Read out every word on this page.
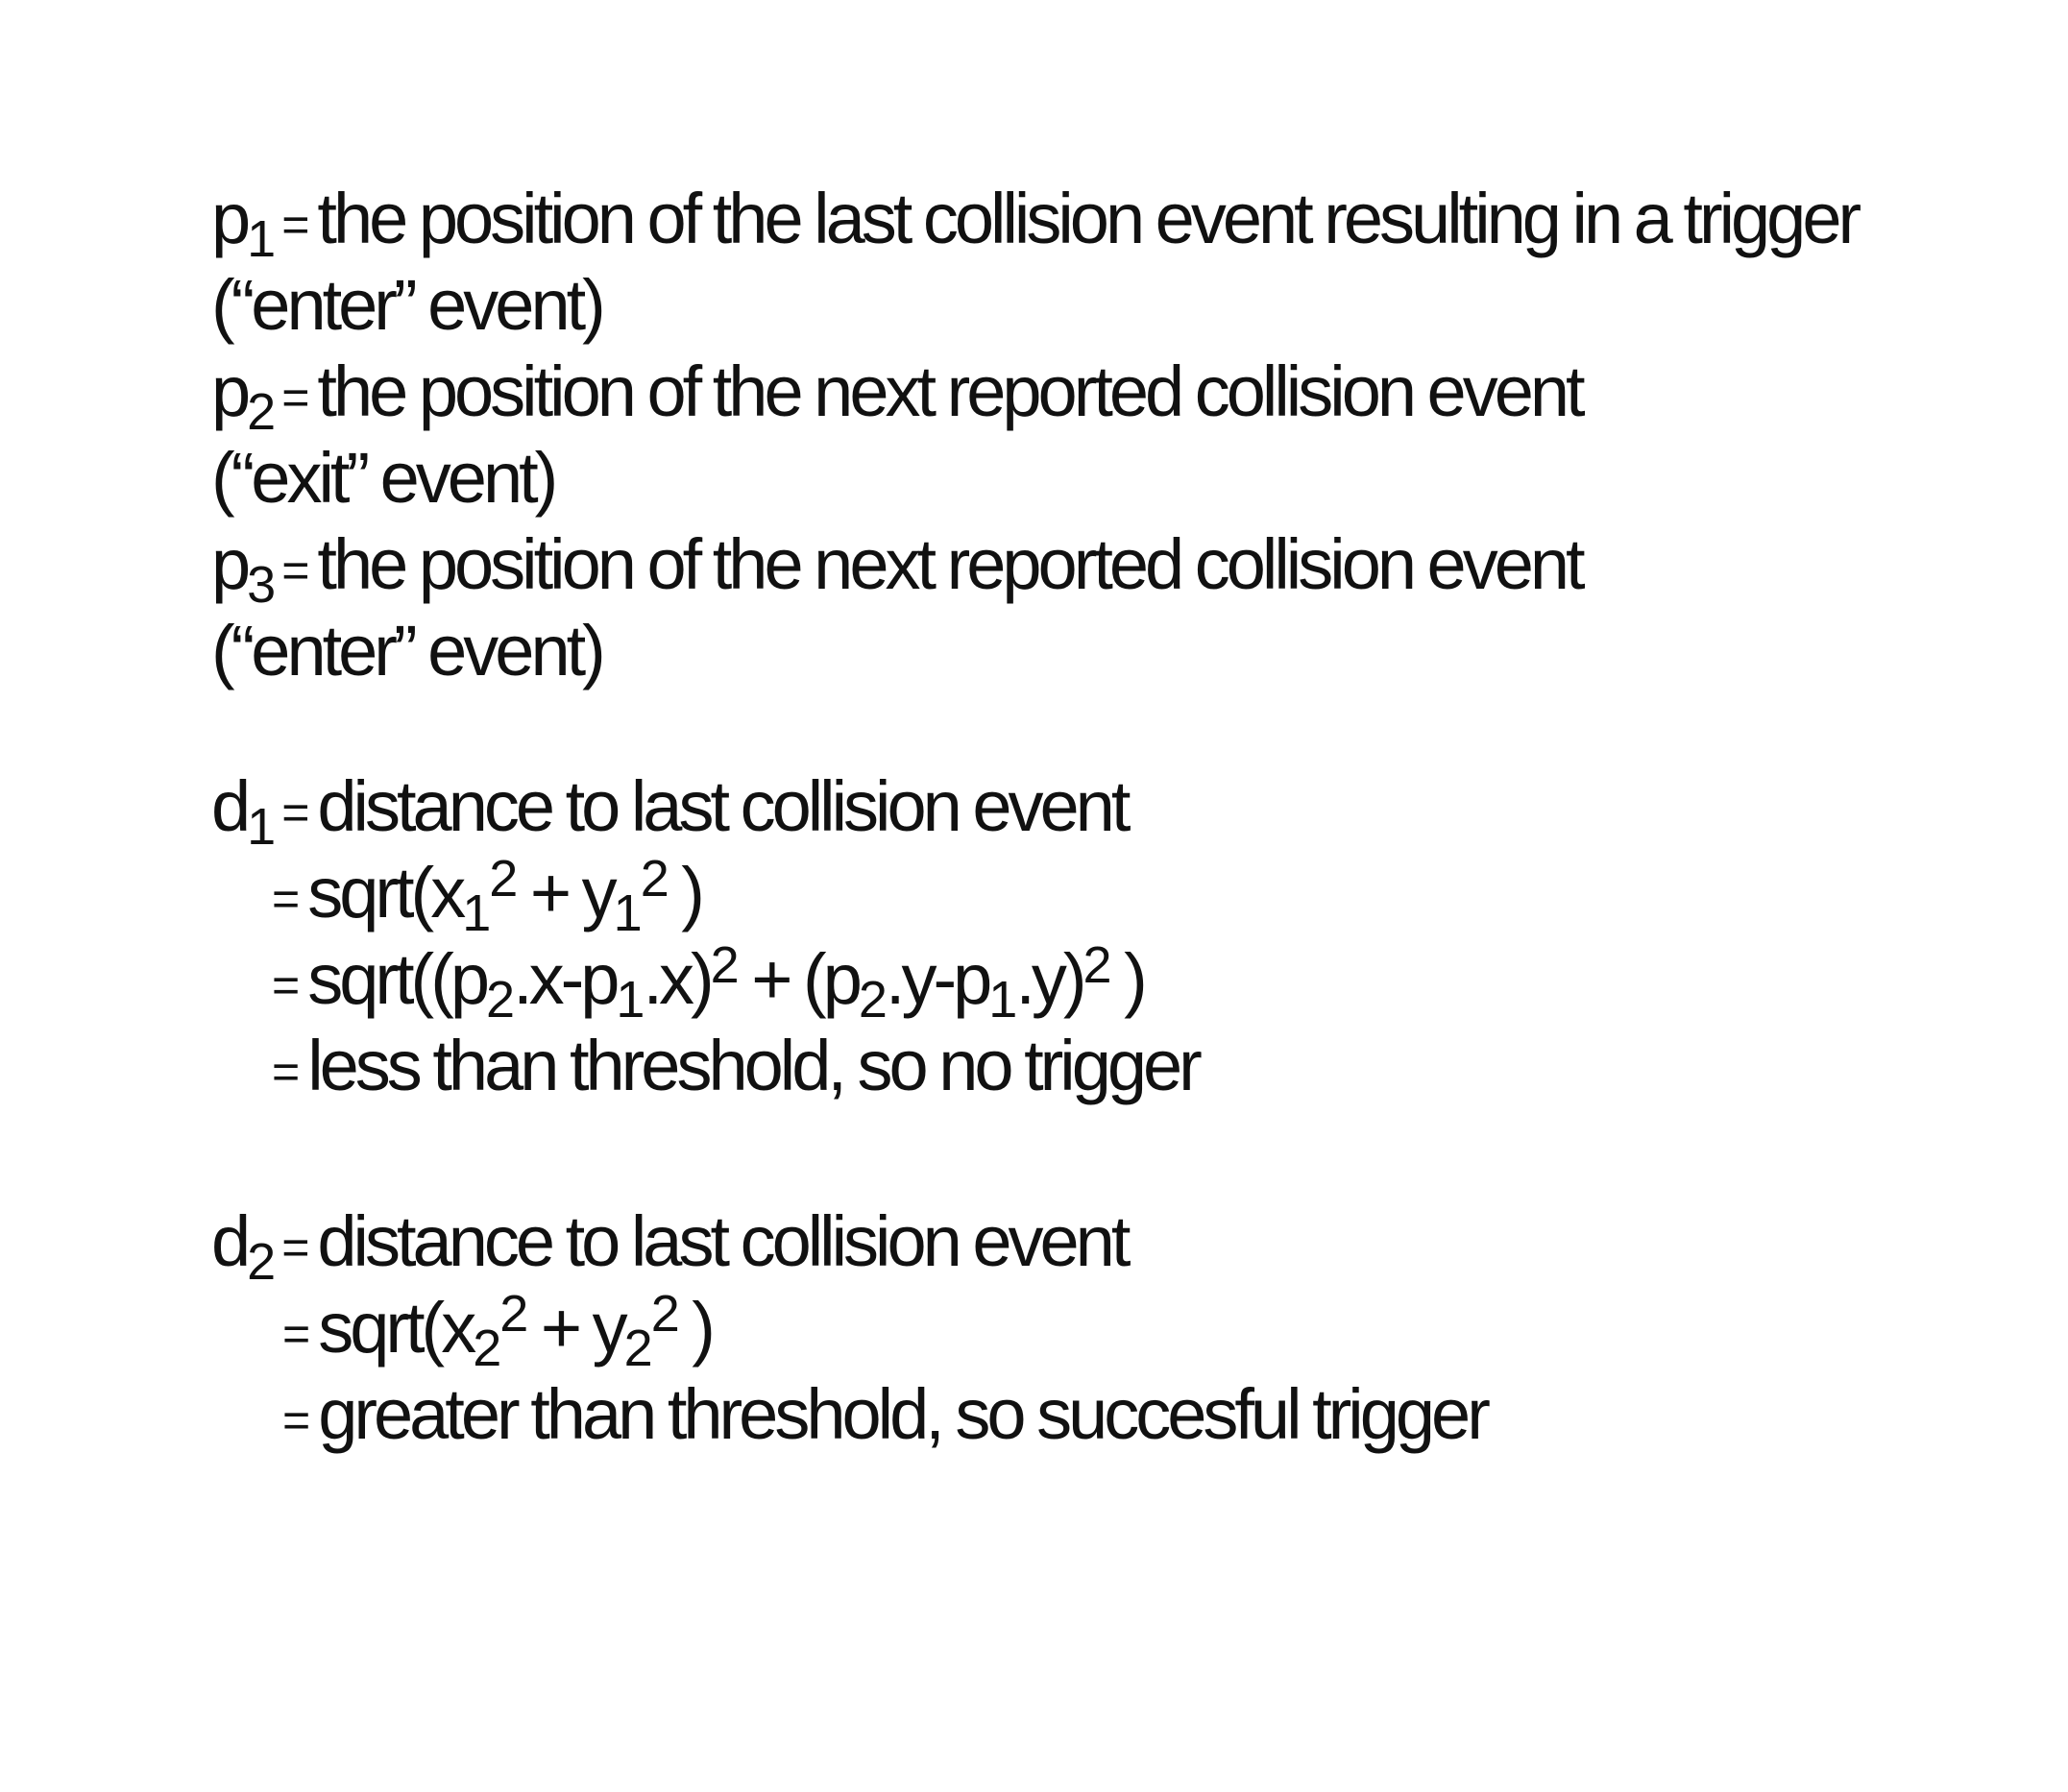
p1 = the position of the last collision event resulting in a trigger
(“enter” event)
p2 = the position of the next reported collision event
(“exit” event)
p3 = the position of the next reported collision event
(“enter” event)
d1 = distance to last collision event
= $sqrt(x1^2 + y1^2$ )
= $sqrt((p2.x-p1.x)^2 + (p2.y-p1.y)^2$ )
= less than threshold, so no trigger
d2 = distance to last collision event
= $sqrt(x2^2 + y2^2$ )
= greater than threshold, so succesful trigger
